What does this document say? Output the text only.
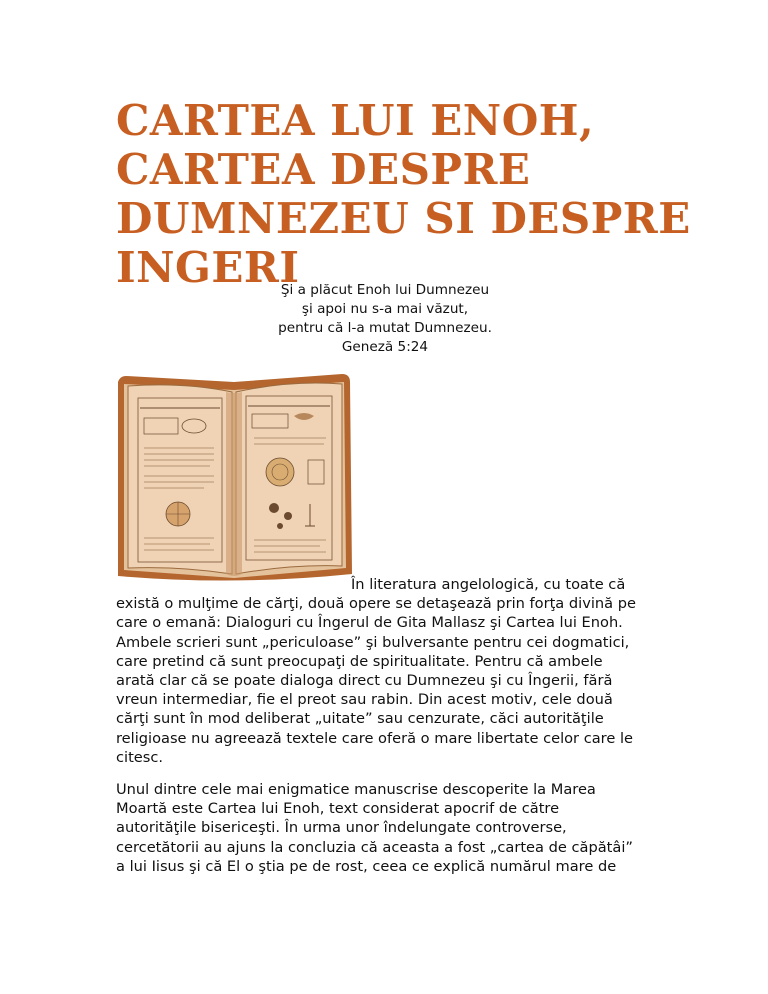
CARTEA LUI ENOH,
CARTEA DESPRE
DUMNEZEU SI DESPRE
INGERI
Şi a plăcut Enoh lui Dumnezeu
şi apoi nu s-a mai văzut,
pentru că l-a mutat Dumnezeu.
Geneză 5:24
În literatura angelologică, cu toate că
există o mulţime de cărţi, două opere se detaşează prin forţa divină pe
care o emană: Dialoguri cu Îngerul de Gita Mallasz şi Cartea lui Enoh.
Ambele scrieri sunt „periculoase” şi bulversante pentru cei dogmatici,
care pretind că sunt preocupaţi de spiritualitate. Pentru că ambele
arată clar că se poate dialoga direct cu Dumnezeu şi cu Îngerii, fără
vreun intermediar, fie el preot sau rabin. Din acest motiv, cele două
cărţi sunt în mod deliberat „uitate” sau cenzurate, căci autorităţile
religioase nu agreează textele care oferă o mare libertate celor care le
citesc.
Unul dintre cele mai enigmatice manuscrise descoperite la Marea
Moartă este Cartea lui Enoh, text considerat apocrif de către
autorităţile bisericeşti. În urma unor îndelungate controverse,
cercetătorii au ajuns la concluzia că aceasta a fost „cartea de căpătâi”
a lui Iisus şi că El o ştia pe de rost, ceea ce explică numărul mare de
